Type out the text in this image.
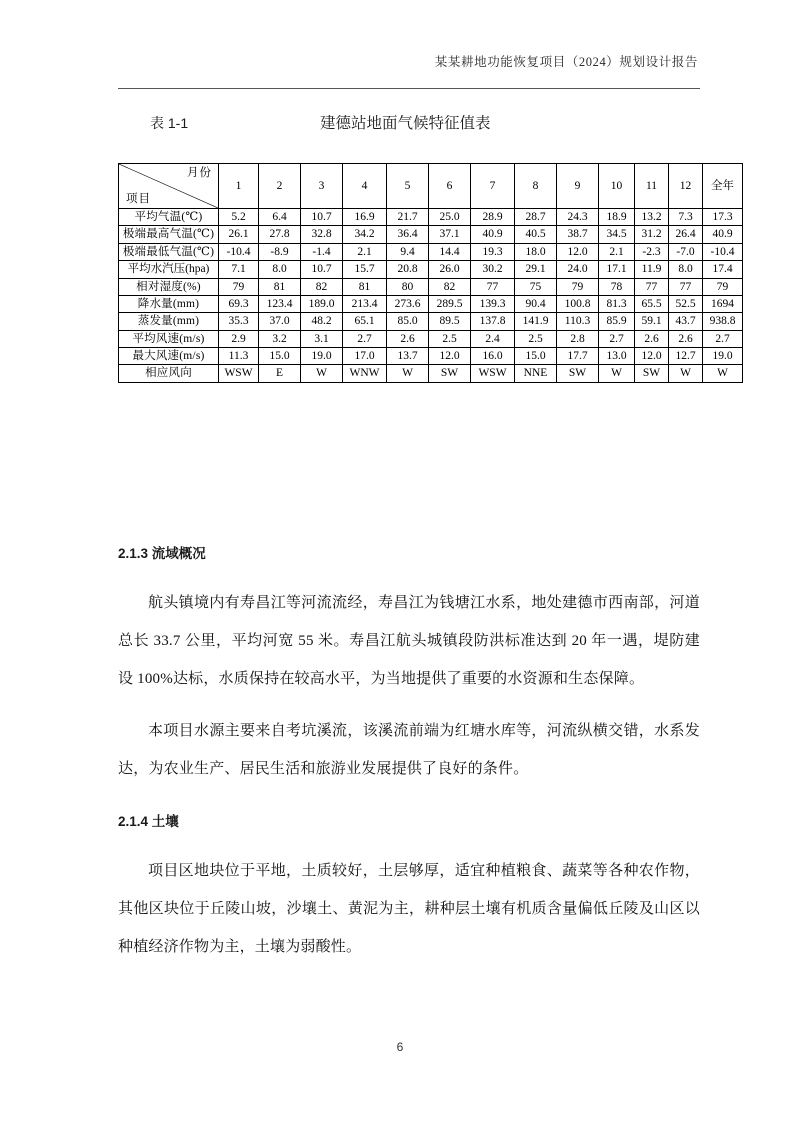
某某耕地功能恢复项目（2024）规划设计报告
表 1-1	建德站地面气候特征值表
月份
项目	1	2	3	4	5	6	7	8	9	10	11	12	全年
平均气温(℃)	5.2	6.4	10.7	16.9	21.7	25.0	28.9	28.7	24.3	18.9	13.2	7.3	17.3
极端最高气温(℃)	26.1	27.8	32.8	34.2	36.4	37.1	40.9	40.5	38.7	34.5	31.2	26.4	40.9
极端最低气温(℃)	-10.4	-8.9	-1.4	2.1	9.4	14.4	19.3	18.0	12.0	2.1	-2.3	-7.0	-10.4
平均水汽压(hpa)	7.1	8.0	10.7	15.7	20.8	26.0	30.2	29.1	24.0	17.1	11.9	8.0	17.4
相对湿度(%)	79	81	82	81	80	82	77	75	79	78	77	77	79
降水量(mm)	69.3	123.4	189.0	213.4	273.6	289.5	139.3	90.4	100.8	81.3	65.5	52.5	1694
蒸发量(mm)	35.3	37.0	48.2	65.1	85.0	89.5	137.8	141.9	110.3	85.9	59.1	43.7	938.8
平均风速(m/s)	2.9	3.2	3.1	2.7	2.6	2.5	2.4	2.5	2.8	2.7	2.6	2.6	2.7
最大风速(m/s)	11.3	15.0	19.0	17.0	13.7	12.0	16.0	15.0	17.7	13.0	12.0	12.7	19.0
相应风向	WSW	E	W	WNW	W	SW	WSW	NNE	SW	W	SW	W	W
2.1.3 流域概况

航头镇境内有寿昌江等河流流经，寿昌江为钱塘江水系，地处建德市西南部，河道总长 33.7 公里，平均河宽 55 米。寿昌江航头城镇段防洪标准达到 20 年一遇，堤防建设 100%达标，水质保持在较高水平，为当地提供了重要的水资源和生态保障。

本项目水源主要来自考坑溪流，该溪流前端为红塘水库等，河流纵横交错，水系发达，为农业生产、居民生活和旅游业发展提供了良好的条件。

2.1.4 土壤

项目区地块位于平地，土质较好，土层够厚，适宜种植粮食、蔬菜等各种农作物，其他区块位于丘陵山坡，沙壤土、黄泥为主，耕种层土壤有机质含量偏低丘陵及山区以种植经济作物为主，土壤为弱酸性。

6
